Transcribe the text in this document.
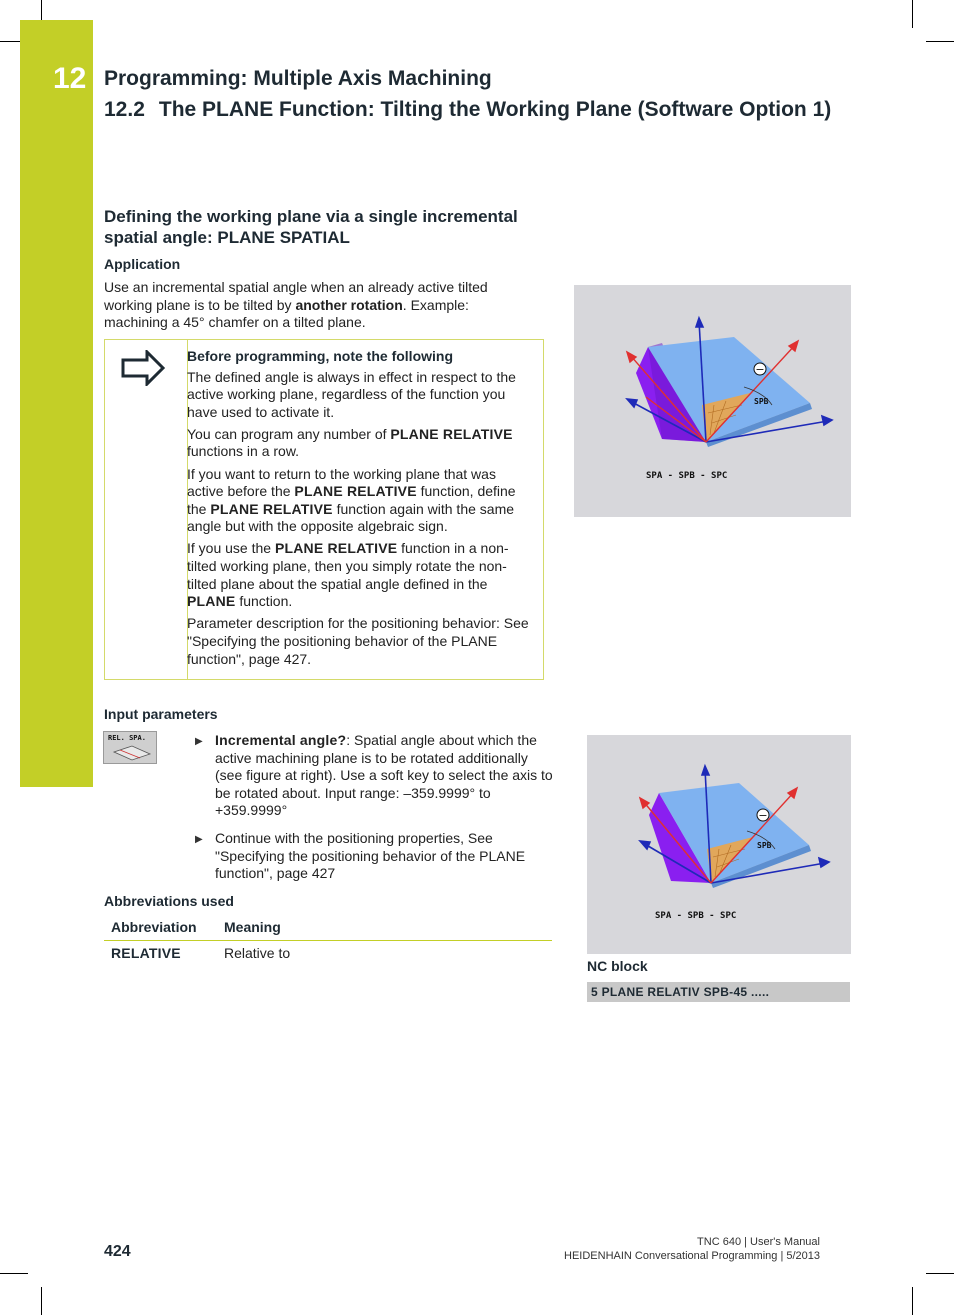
12 Programming: Multiple Axis Machining
12.2 The PLANE Function: Tilting the Working Plane (Software Option 1)
Defining the working plane via a single incremental
spatial angle: PLANE SPATIAL
Application
Use an incremental spatial angle when an already active tilted
working plane is to be tilted by another rotation. Example:
machining a 45° chamfer on a tilted plane.

Before programming, note the following

The defined angle is always in effect in respect to the active working plane, regardless of the function you have used to activate it.

You can program any number of PLANE RELATIVE functions in a row.

If you want to return to the working plane that was active before the PLANE RELATIVE function, define the PLANE RELATIVE function again with the same angle but with the opposite algebraic sign.

If you use the PLANE RELATIVE function in a non-tilted working plane, then you simply rotate the non-tilted plane about the spatial angle defined in the PLANE function.

Parameter description for the positioning behavior: See "Specifying the positioning behavior of the PLANE function", page 427.

−
SPB
SPA - SPB - SPC
Input parameters
REL. SPA.	▶ Incremental angle?: Spatial angle about which the active machining plane is to be rotated additionally (see figure at right). Use a soft key to select the axis to be rotated about. Input range: –359.9999° to +359.9999°
▶ Continue with the positioning properties, See "Specifying the positioning behavior of the PLANE function", page 427
Abbreviations used
Abbreviation Meaning
RELATIVE	Relative to
−
SPB
SPA - SPB - SPC
NC block
5 PLANE RELATIV SPB-45 .....
424
TNC 640 | User's Manual
HEIDENHAIN Conversational Programming | 5/2013
